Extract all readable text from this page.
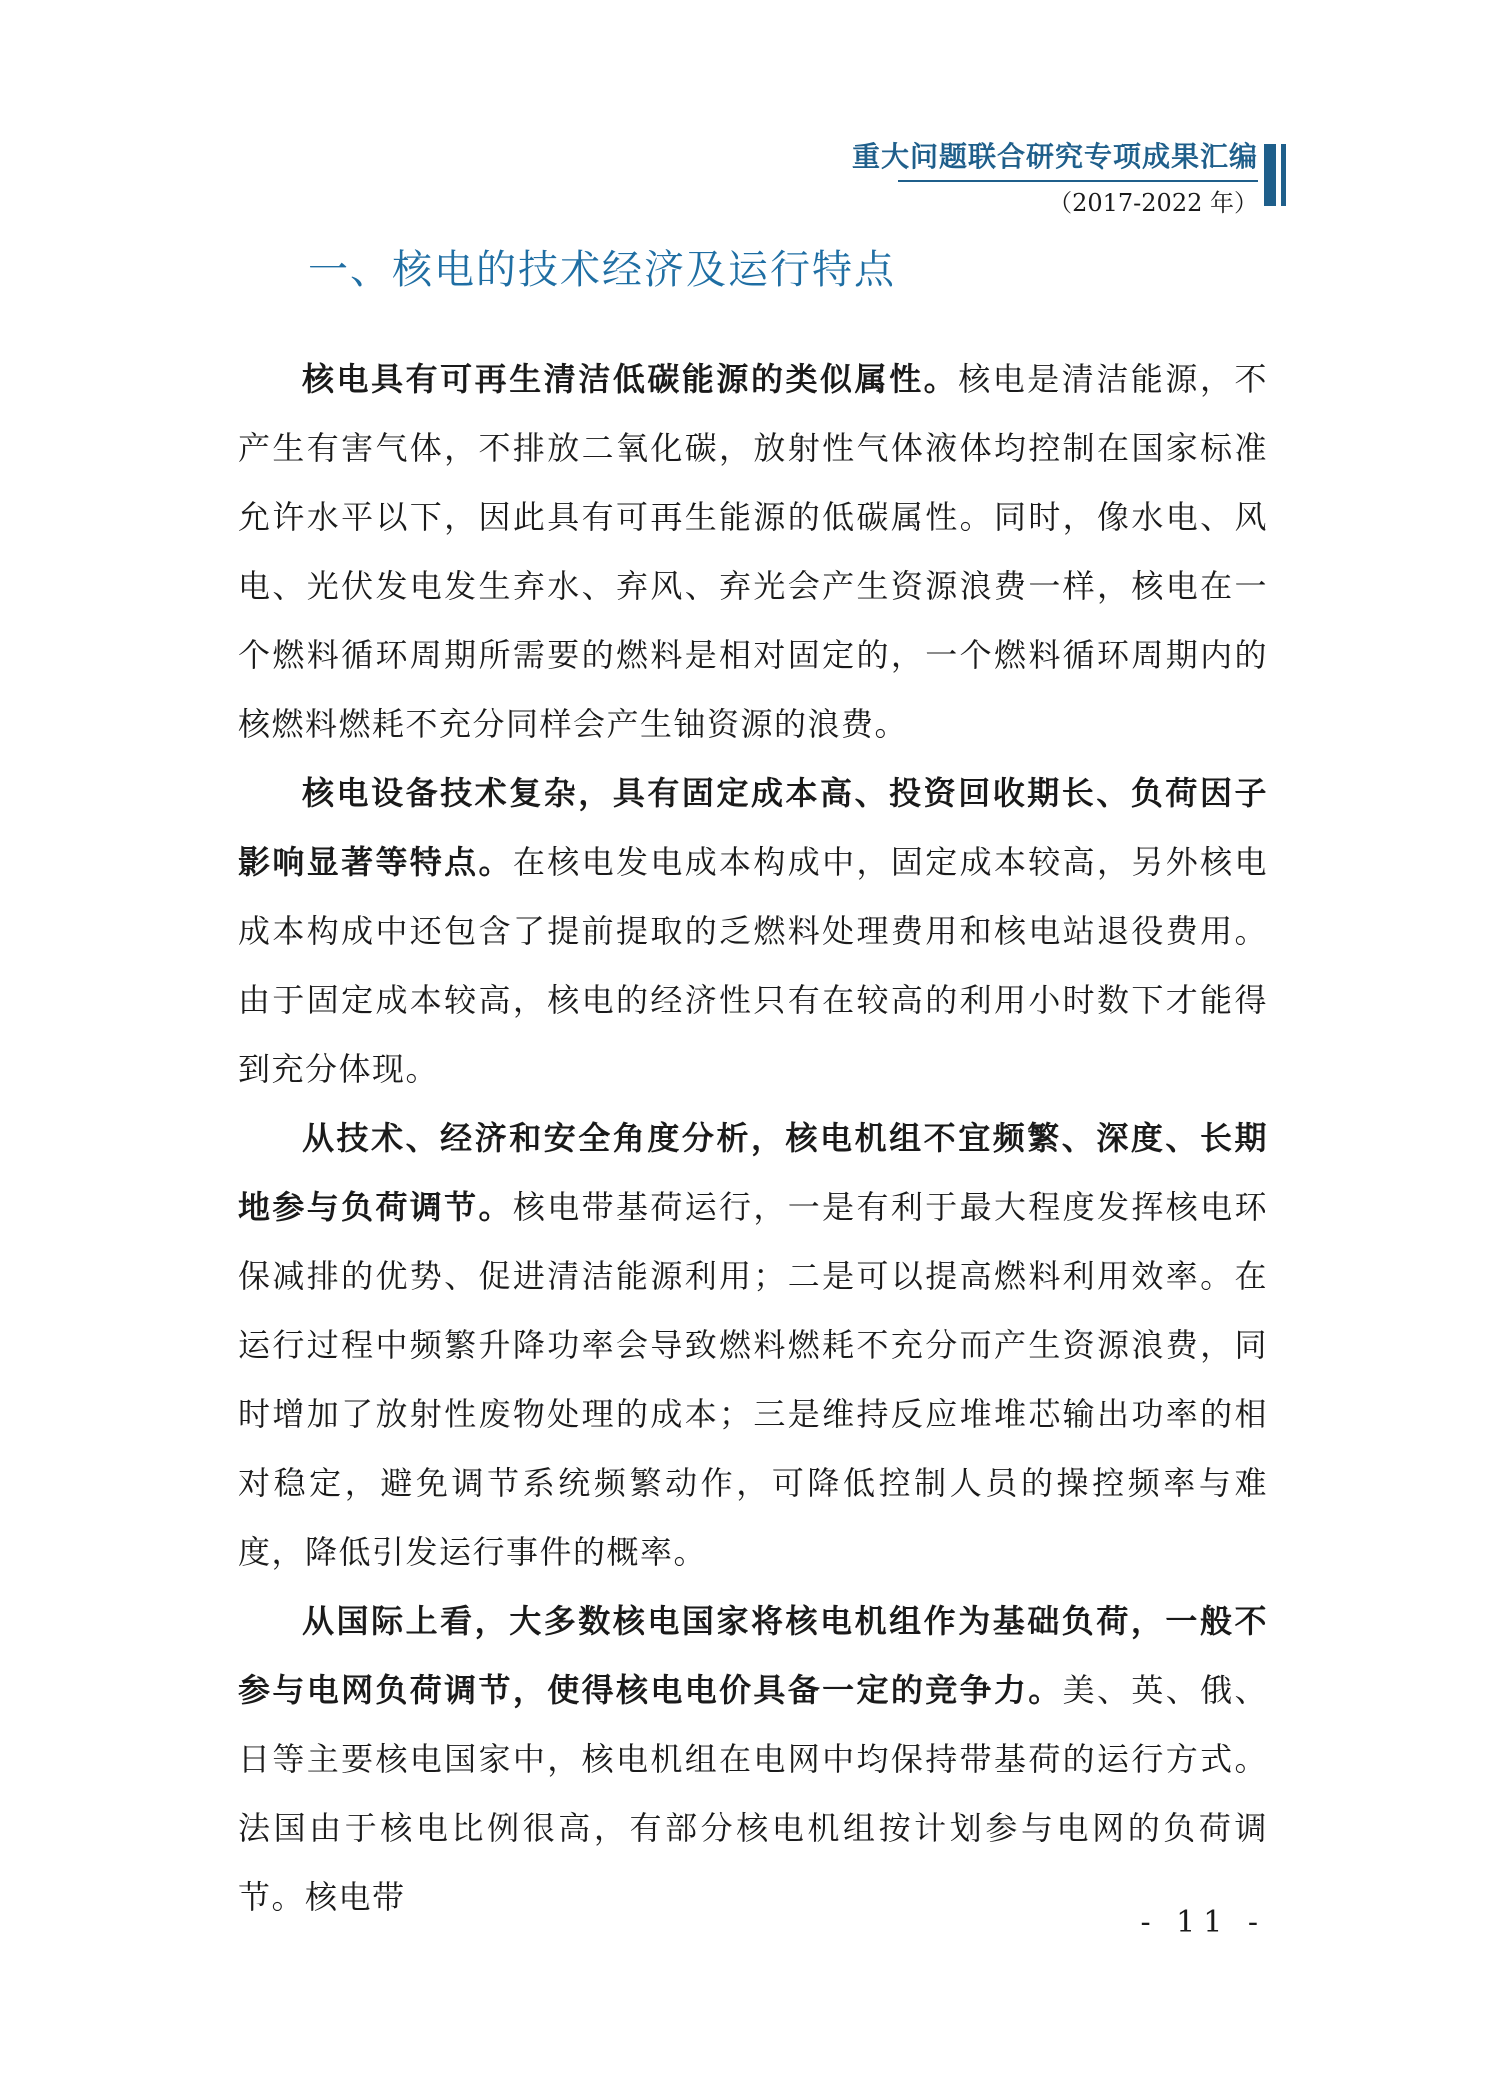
重大问题联合研究专项成果汇编
（2017-2022 年）
一、核电的技术经济及运行特点

核电具有可再生清洁低碳能源的类似属性。核电是清洁能源，不产生有害气体，不排放二氧化碳，放射性气体液体均控制在国家标准允许水平以下，因此具有可再生能源的低碳属性。同时，像水电、风电、光伏发电发生弃水、弃风、弃光会产生资源浪费一样，核电在一个燃料循环周期所需要的燃料是相对固定的，一个燃料循环周期内的核燃料燃耗不充分同样会产生铀资源的浪费。

核电设备技术复杂，具有固定成本高、投资回收期长、负荷因子影响显著等特点。在核电发电成本构成中，固定成本较高，另外核电成本构成中还包含了提前提取的乏燃料处理费用和核电站退役费用。由于固定成本较高，核电的经济性只有在较高的利用小时数下才能得到充分体现。

从技术、经济和安全角度分析，核电机组不宜频繁、深度、长期地参与负荷调节。核电带基荷运行，一是有利于最大程度发挥核电环保减排的优势、促进清洁能源利用；二是可以提高燃料利用效率。在运行过程中频繁升降功率会导致燃料燃耗不充分而产生资源浪费，同时增加了放射性废物处理的成本；三是维持反应堆堆芯输出功率的相对稳定，避免调节系统频繁动作，可降低控制人员的操控频率与难度，降低引发运行事件的概率。

从国际上看，大多数核电国家将核电机组作为基础负荷，一般不参与电网负荷调节，使得核电电价具备一定的竞争力。美、英、俄、日等主要核电国家中，核电机组在电网中均保持带基荷的运行方式。法国由于核电比例很高，有部分核电机组按计划参与电网的负荷调节。核电带

- 11 -
